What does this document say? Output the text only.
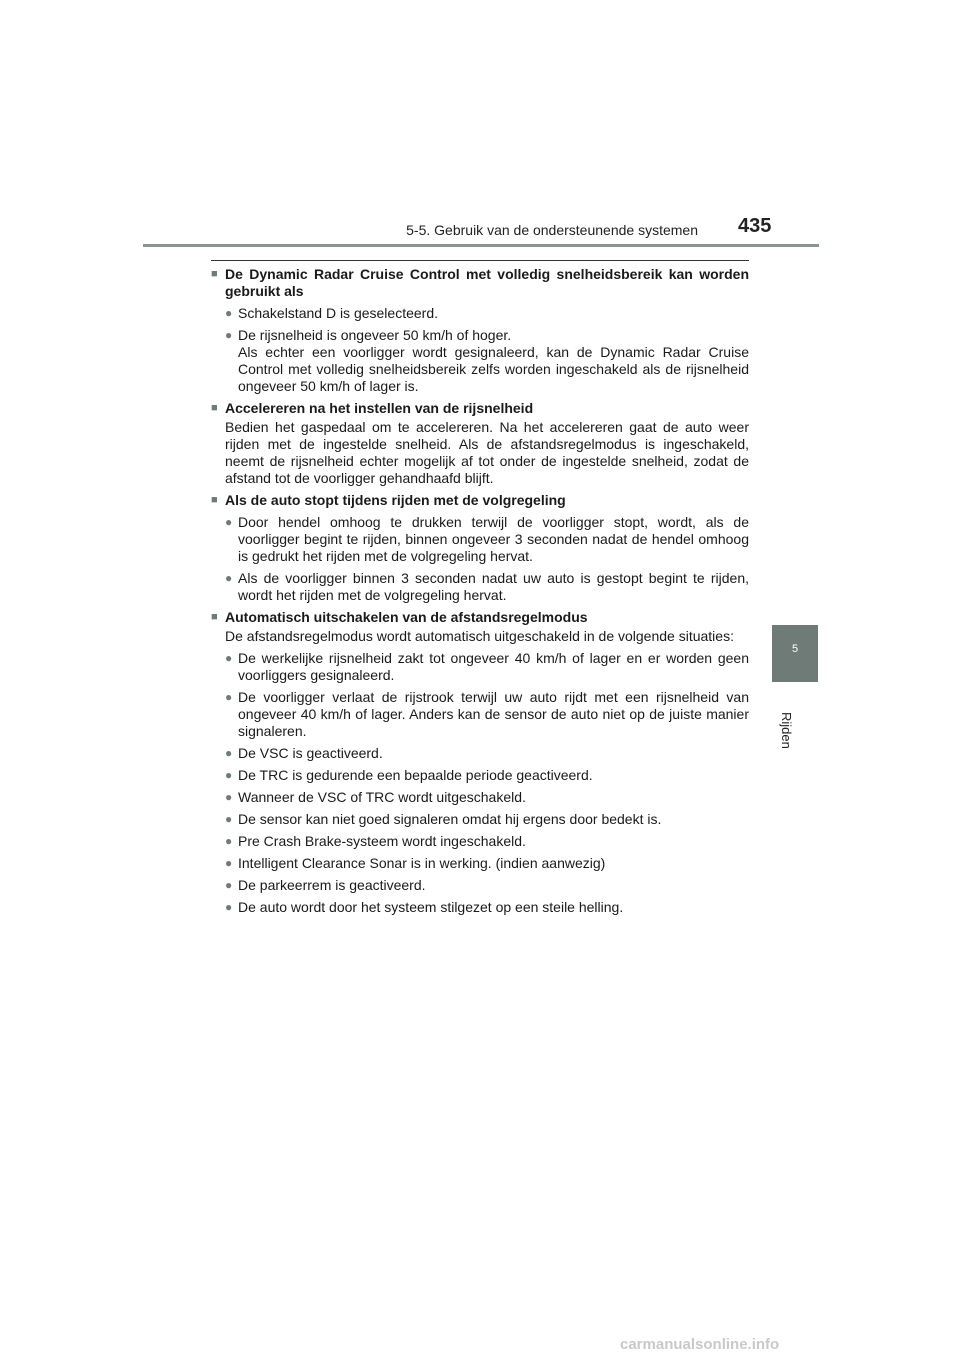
5-5. Gebruik van de ondersteunende systemen 435
5
Rijden
■ De Dynamic Radar Cruise Control met volledig snelheidsbereik kan worden gebruikt als
● Schakelstand D is geselecteerd.

● De rijsnelheid is ongeveer 50 km/h of hoger.

Als echter een voorligger wordt gesignaleerd, kan de Dynamic Radar Cruise Control met volledig snelheidsbereik zelfs worden ingeschakeld als de rijsnelheid ongeveer 50 km/h of lager is.

■ Accelereren na het instellen van de rijsnelheid
Bedien het gaspedaal om te accelereren. Na het accelereren gaat de auto weer rijden met de ingestelde snelheid. Als de afstandsregelmodus is ingeschakeld, neemt de rijsnelheid echter mogelijk af tot onder de ingestelde snelheid, zodat de afstand tot de voorligger gehandhaafd blijft.
■ Als de auto stopt tijdens rijden met de volgregeling
● Door hendel omhoog te drukken terwijl de voorligger stopt, wordt, als de voorligger begint te rijden, binnen ongeveer 3 seconden nadat de hendel omhoog is gedrukt het rijden met de volgregeling hervat.

● Als de voorligger binnen 3 seconden nadat uw auto is gestopt begint te rijden, wordt het rijden met de volgregeling hervat.

■ Automatisch uitschakelen van de afstandsregelmodus
De afstandsregelmodus wordt automatisch uitgeschakeld in de volgende situaties:
● De werkelijke rijsnelheid zakt tot ongeveer 40 km/h of lager en er worden geen voorliggers gesignaleerd.

● De voorligger verlaat de rijstrook terwijl uw auto rijdt met een rijsnelheid van ongeveer 40 km/h of lager. Anders kan de sensor de auto niet op de juiste manier signaleren.

● De VSC is geactiveerd.

● De TRC is gedurende een bepaalde periode geactiveerd.

● Wanneer de VSC of TRC wordt uitgeschakeld.

● De sensor kan niet goed signaleren omdat hij ergens door bedekt is.

● Pre Crash Brake-systeem wordt ingeschakeld.

● Intelligent Clearance Sonar is in werking. (indien aanwezig)

● De parkeerrem is geactiveerd.

● De auto wordt door het systeem stilgezet op een steile helling.

carmanualsonline.info
